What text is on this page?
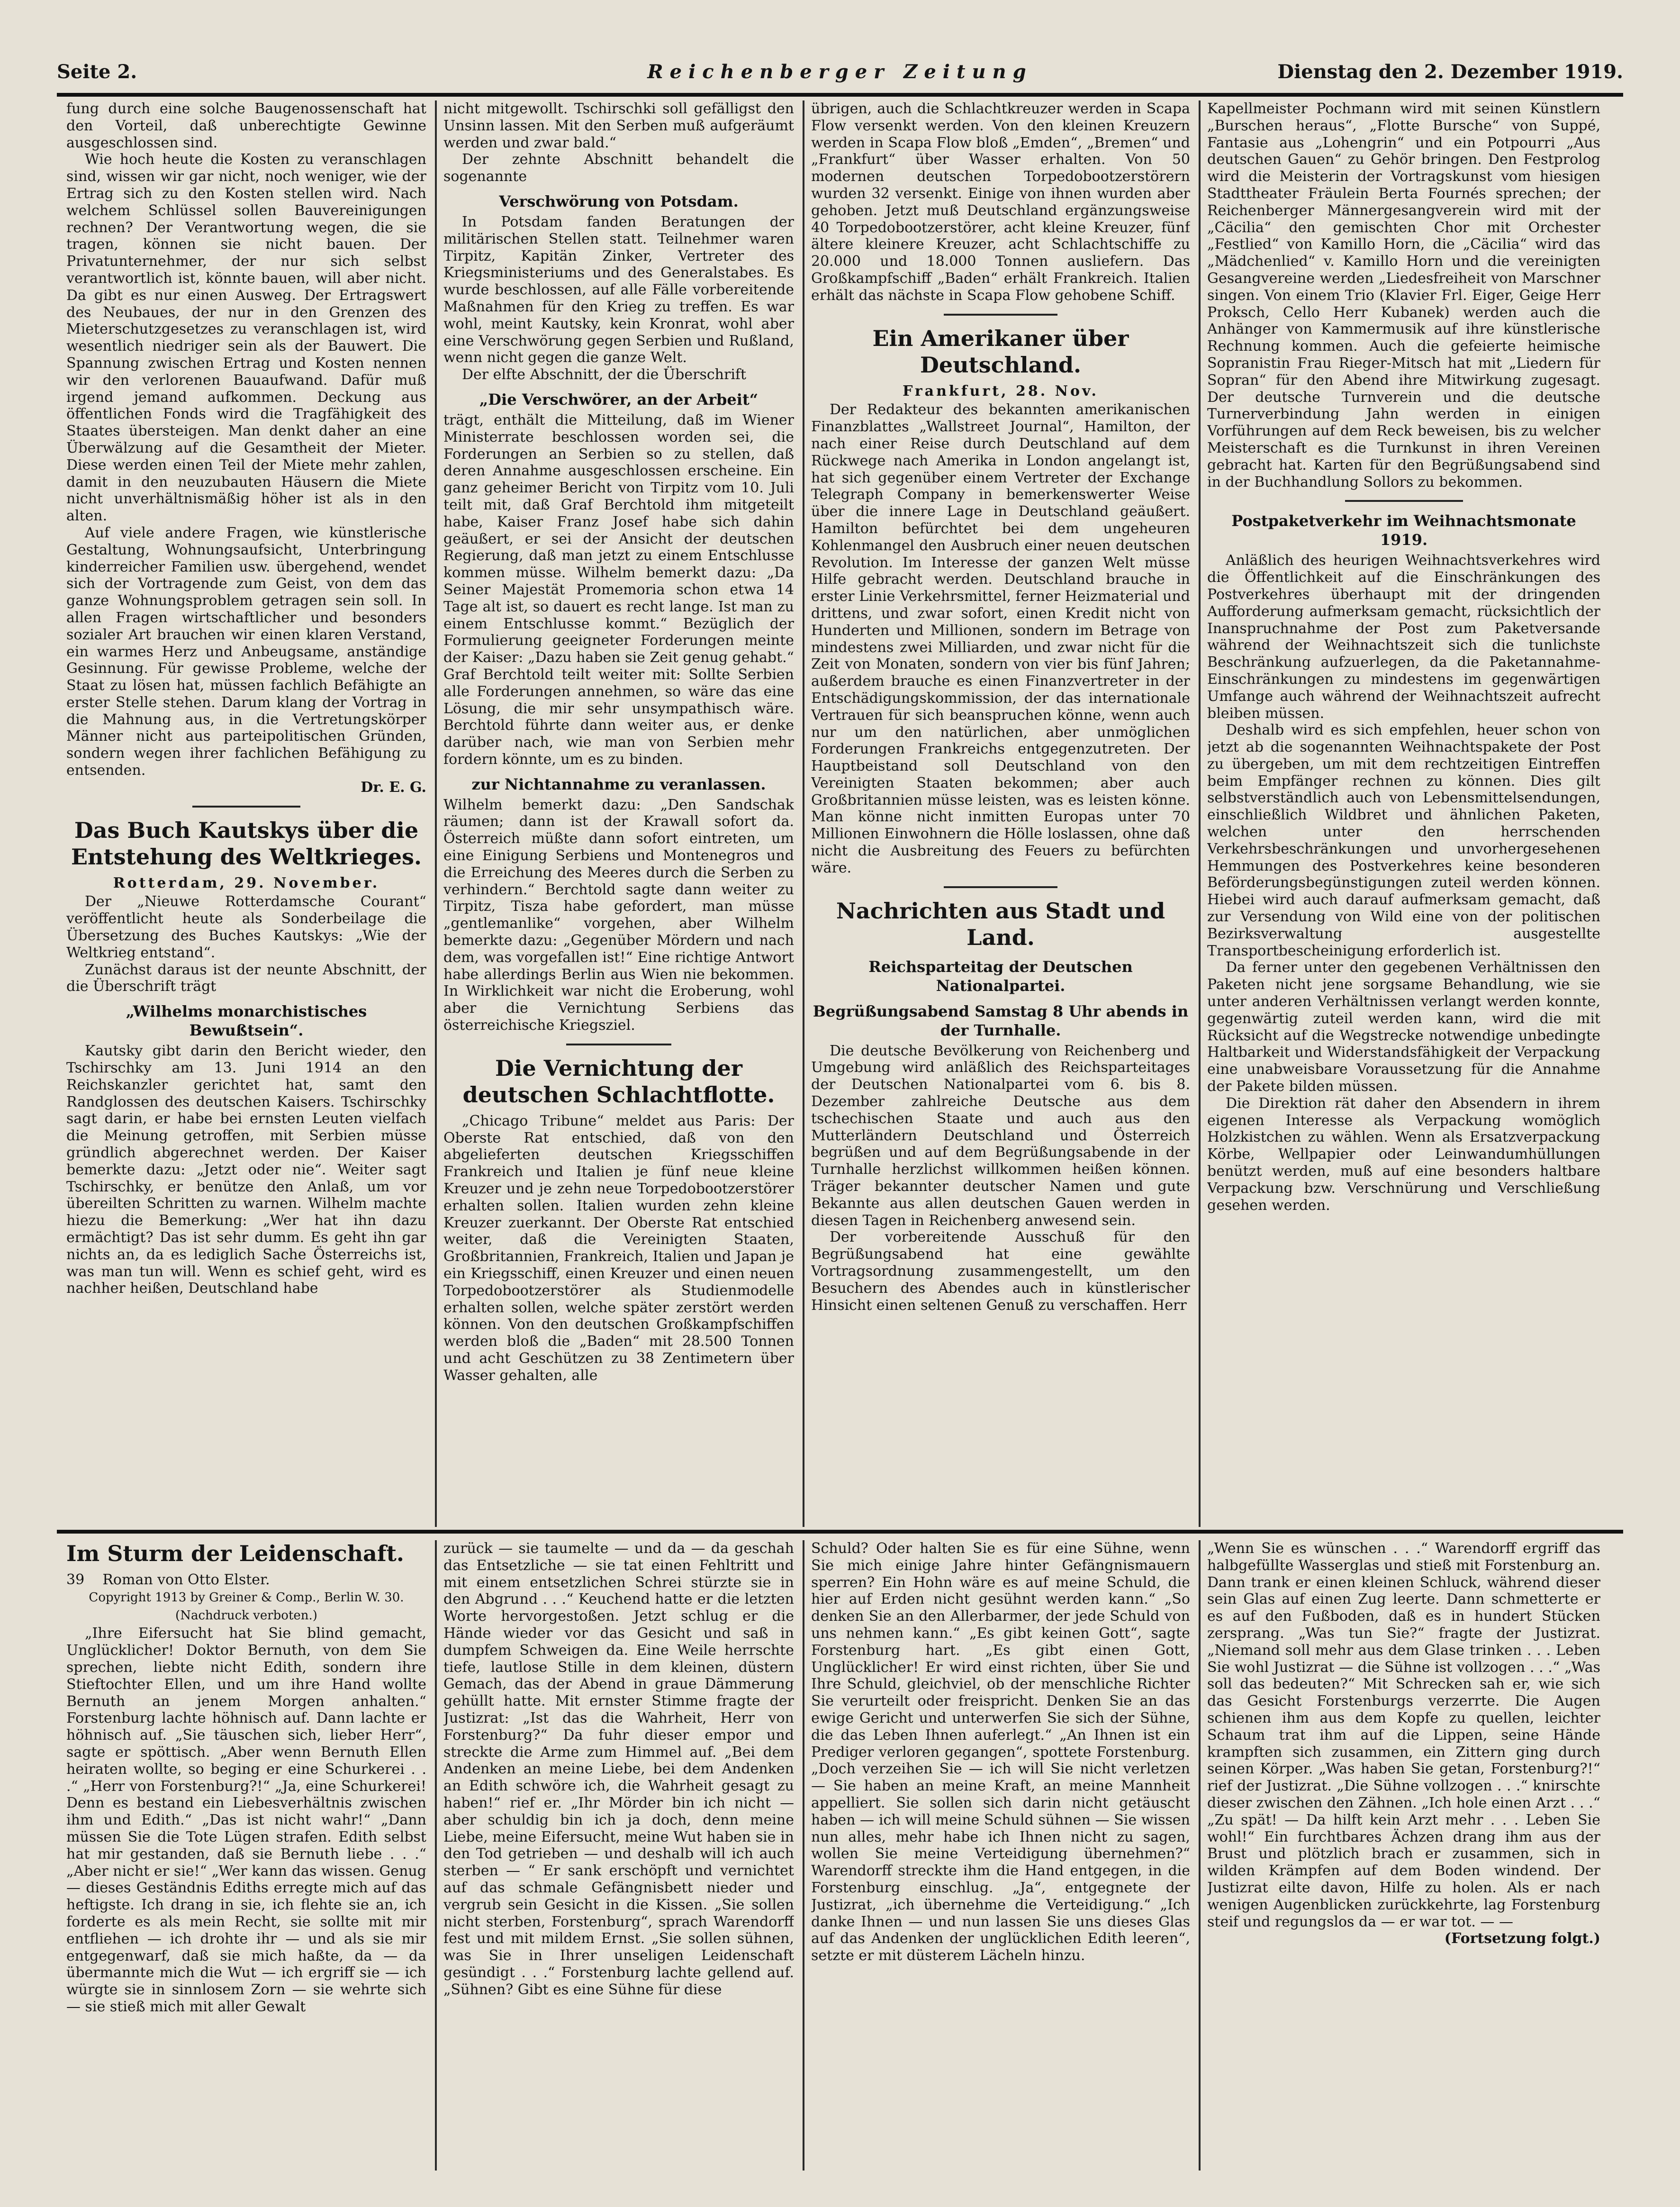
Seite 2.	Reichenberger Zeitung	Dienstag den 2. Dezember 1919.

fung durch eine solche Baugenossenschaft hat den Vorteil, daß unberechtigte Gewinne ausgeschlossen sind.

Wie hoch heute die Kosten zu veranschlagen sind, wissen wir gar nicht, noch weniger, wie der Ertrag sich zu den Kosten stellen wird. Nach welchem Schlüssel sollen Bauvereinigungen rechnen? Der Verantwortung wegen, die sie tragen, können sie nicht bauen. Der Privatunternehmer, der nur sich selbst verantwortlich ist, könnte bauen, will aber nicht. Da gibt es nur einen Ausweg. Der Ertragswert des Neubaues, der nur in den Grenzen des Mieterschutzgesetzes zu veranschlagen ist, wird wesentlich niedriger sein als der Bauwert. Die Spannung zwischen Ertrag und Kosten nennen wir den verlorenen Bauaufwand. Dafür muß irgend jemand aufkommen. Deckung aus öffentlichen Fonds wird die Tragfähigkeit des Staates übersteigen. Man denkt daher an eine Überwälzung auf die Gesamtheit der Mieter. Diese werden einen Teil der Miete mehr zahlen, damit in den neuzubauten Häusern die Miete nicht unverhältnismäßig höher ist als in den alten.

Auf viele andere Fragen, wie künstlerische Gestaltung, Wohnungsaufsicht, Unterbringung kinderreicher Familien usw. übergehend, wendet sich der Vortragende zum Geist, von dem das ganze Wohnungsproblem getragen sein soll. In allen Fragen wirtschaftlicher und besonders sozialer Art brauchen wir einen klaren Verstand, ein warmes Herz und Anbeugsame, anständige Gesinnung. Für gewisse Probleme, welche der Staat zu lösen hat, müssen fachlich Befähigte an erster Stelle stehen. Darum klang der Vortrag in die Mahnung aus, in die Vertretungskörper Männer nicht aus parteipolitischen Gründen, sondern wegen ihrer fachlichen Befähigung zu entsenden.

Dr. E. G.
Das Buch Kautskys über die Entstehung des Weltkrieges.
Rotterdam, 29. November.

Der „Nieuwe Rotterdamsche Courant“ veröffentlicht heute als Sonderbeilage die Übersetzung des Buches Kautskys: „Wie der Weltkrieg entstand“.

Zunächst daraus ist der neunte Abschnitt, der die Überschrift trägt

„Wilhelms monarchistisches Bewußtsein“.

Kautsky gibt darin den Bericht wieder, den Tschirschky am 13. Juni 1914 an den Reichskanzler gerichtet hat, samt den Randglossen des deutschen Kaisers. Tschirschky sagt darin, er habe bei ernsten Leuten vielfach die Meinung getroffen, mit Serbien müsse gründlich abgerechnet werden. Der Kaiser bemerkte dazu: „Jetzt oder nie“. Weiter sagt Tschirschky, er benütze den Anlaß, um vor übereilten Schritten zu warnen. Wilhelm machte hiezu die Bemerkung: „Wer hat ihn dazu ermächtigt? Das ist sehr dumm. Es geht ihn gar nichts an, da es lediglich Sache Österreichs ist, was man tun will. Wenn es schief geht, wird es nachher heißen, Deutschland habe

nicht mitgewollt. Tschirschki soll gefälligst den Unsinn lassen. Mit den Serben muß aufgeräumt werden und zwar bald.“

Der zehnte Abschnitt behandelt die sogenannte

Verschwörung von Potsdam.

In Potsdam fanden Beratungen der militärischen Stellen statt. Teilnehmer waren Tirpitz, Kapitän Zinker, Vertreter des Kriegsministeriums und des Generalstabes. Es wurde beschlossen, auf alle Fälle vorbereitende Maßnahmen für den Krieg zu treffen. Es war wohl, meint Kautsky, kein Kronrat, wohl aber eine Verschwörung gegen Serbien und Rußland, wenn nicht gegen die ganze Welt.

Der elfte Abschnitt, der die Überschrift

„Die Verschwörer, an der Arbeit“

trägt, enthält die Mitteilung, daß im Wiener Ministerrate beschlossen worden sei, die Forderungen an Serbien so zu stellen, daß deren Annahme ausgeschlossen erscheine. Ein ganz geheimer Bericht von Tirpitz vom 10. Juli teilt mit, daß Graf Berchtold ihm mitgeteilt habe, Kaiser Franz Josef habe sich dahin geäußert, er sei der Ansicht der deutschen Regierung, daß man jetzt zu einem Entschlusse kommen müsse. Wilhelm bemerkt dazu: „Da Seiner Majestät Promemoria schon etwa 14 Tage alt ist, so dauert es recht lange. Ist man zu einem Entschlusse kommt.“ Bezüglich der Formulierung geeigneter Forderungen meinte der Kaiser: „Dazu haben sie Zeit genug gehabt.“ Graf Berchtold teilt weiter mit: Sollte Serbien alle Forderungen annehmen, so wäre das eine Lösung, die mir sehr unsympathisch wäre. Berchtold führte dann weiter aus, er denke darüber nach, wie man von Serbien mehr fordern könnte, um es zu binden.

zur Nichtannahme zu veranlassen.

Wilhelm bemerkt dazu: „Den Sandschak räumen; dann ist der Krawall sofort da. Österreich müßte dann sofort eintreten, um eine Einigung Serbiens und Montenegros und die Erreichung des Meeres durch die Serben zu verhindern.“ Berchtold sagte dann weiter zu Tirpitz, Tisza habe gefordert, man müsse „gentlemanlike“ vorgehen, aber Wilhelm bemerkte dazu: „Gegenüber Mördern und nach dem, was vorgefallen ist!“ Eine richtige Antwort habe allerdings Berlin aus Wien nie bekommen. In Wirklichkeit war nicht die Eroberung, wohl aber die Vernichtung Serbiens das österreichische Kriegsziel.

Die Vernichtung der deutschen Schlachtflotte.

„Chicago Tribune“ meldet aus Paris: Der Oberste Rat entschied, daß von den abgelieferten deutschen Kriegsschiffen Frankreich und Italien je fünf neue kleine Kreuzer und je zehn neue Torpedobootzerstörer erhalten sollen. Italien wurden zehn kleine Kreuzer zuerkannt. Der Oberste Rat entschied weiter, daß die Vereinigten Staaten, Großbritannien, Frankreich, Italien und Japan je ein Kriegsschiff, einen Kreuzer und einen neuen Torpedobootzerstörer als Studienmodelle erhalten sollen, welche später zerstört werden können. Von den deutschen Großkampfschiffen werden bloß die „Baden“ mit 28.500 Tonnen und acht Geschützen zu 38 Zentimetern über Wasser gehalten, alle

übrigen, auch die Schlachtkreuzer werden in Scapa Flow versenkt werden. Von den kleinen Kreuzern werden in Scapa Flow bloß „Emden“, „Bremen“ und „Frankfurt“ über Wasser erhalten. Von 50 modernen deutschen Torpedobootzerstörern wurden 32 versenkt. Einige von ihnen wurden aber gehoben. Jetzt muß Deutschland ergänzungsweise 40 Torpedobootzerstörer, acht kleine Kreuzer, fünf ältere kleinere Kreuzer, acht Schlachtschiffe zu 20.000 und 18.000 Tonnen ausliefern. Das Großkampfschiff „Baden“ erhält Frankreich. Italien erhält das nächste in Scapa Flow gehobene Schiff.

Ein Amerikaner über Deutschland.
Frankfurt, 28. Nov.

Der Redakteur des bekannten amerikanischen Finanzblattes „Wallstreet Journal“, Hamilton, der nach einer Reise durch Deutschland auf dem Rückwege nach Amerika in London angelangt ist, hat sich gegenüber einem Vertreter der Exchange Telegraph Company in bemerkenswerter Weise über die innere Lage in Deutschland geäußert. Hamilton befürchtet bei dem ungeheuren Kohlenmangel den Ausbruch einer neuen deutschen Revolution. Im Interesse der ganzen Welt müsse Hilfe gebracht werden. Deutschland brauche in erster Linie Verkehrsmittel, ferner Heizmaterial und drittens, und zwar sofort, einen Kredit nicht von Hunderten und Millionen, sondern im Betrage von mindestens zwei Milliarden, und zwar nicht für die Zeit von Monaten, sondern von vier bis fünf Jahren; außerdem brauche es einen Finanzvertreter in der Entschädigungskommission, der das internationale Vertrauen für sich beanspruchen könne, wenn auch nur um den natürlichen, aber unmöglichen Forderungen Frankreichs entgegenzutreten. Der Hauptbeistand soll Deutschland von den Vereinigten Staaten bekommen; aber auch Großbritannien müsse leisten, was es leisten könne. Man könne nicht inmitten Europas unter 70 Millionen Einwohnern die Hölle loslassen, ohne daß nicht die Ausbreitung des Feuers zu befürchten wäre.

Nachrichten aus Stadt und Land.
Reichsparteitag der Deutschen Nationalpartei.
Begrüßungsabend Samstag 8 Uhr abends in der Turnhalle.

Die deutsche Bevölkerung von Reichenberg und Umgebung wird anläßlich des Reichsparteitages der Deutschen Nationalpartei vom 6. bis 8. Dezember zahlreiche Deutsche aus dem tschechischen Staate und auch aus den Mutterländern Deutschland und Österreich begrüßen und auf dem Begrüßungsabende in der Turnhalle herzlichst willkommen heißen können. Träger bekannter deutscher Namen und gute Bekannte aus allen deutschen Gauen werden in diesen Tagen in Reichenberg anwesend sein.

Der vorbereitende Ausschuß für den Begrüßungsabend hat eine gewählte Vortragsordnung zusammengestellt, um den Besuchern des Abendes auch in künstlerischer Hinsicht einen seltenen Genuß zu verschaffen. Herr

Kapellmeister Pochmann wird mit seinen Künstlern „Burschen heraus“, „Flotte Bursche“ von Suppé, Fantasie aus „Lohengrin“ und ein Potpourri „Aus deutschen Gauen“ zu Gehör bringen. Den Festprolog wird die Meisterin der Vortragskunst vom hiesigen Stadttheater Fräulein Berta Fournés sprechen; der Reichenberger Männergesangverein wird mit der „Cäcilia“ den gemischten Chor mit Orchester „Festlied“ von Kamillo Horn, die „Cäcilia“ wird das „Mädchenlied“ v. Kamillo Horn und die vereinigten Gesangvereine werden „Liedesfreiheit von Marschner singen. Von einem Trio (Klavier Frl. Eiger, Geige Herr Proksch, Cello Herr Kubanek) werden auch die Anhänger von Kammermusik auf ihre künstlerische Rechnung kommen. Auch die gefeierte heimische Sopranistin Frau Rieger-Mitsch hat mit „Liedern für Sopran“ für den Abend ihre Mitwirkung zugesagt. Der deutsche Turnverein und die deutsche Turnerverbindung Jahn werden in einigen Vorführungen auf dem Reck beweisen, bis zu welcher Meisterschaft es die Turnkunst in ihren Vereinen gebracht hat. Karten für den Begrüßungsabend sind in der Buchhandlung Sollors zu bekommen.

Postpaketverkehr im Weihnachtsmonate 1919.

Anläßlich des heurigen Weihnachtsverkehres wird die Öffentlichkeit auf die Einschränkungen des Postverkehres überhaupt mit der dringenden Aufforderung aufmerksam gemacht, rücksichtlich der Inanspruchnahme der Post zum Paketversande während der Weihnachtszeit sich die tunlichste Beschränkung aufzuerlegen, da die Paketannahme-Einschränkungen zu mindestens im gegenwärtigen Umfange auch während der Weihnachtszeit aufrecht bleiben müssen.

Deshalb wird es sich empfehlen, heuer schon von jetzt ab die sogenannten Weihnachtspakete der Post zu übergeben, um mit dem rechtzeitigen Eintreffen beim Empfänger rechnen zu können. Dies gilt selbstverständlich auch von Lebensmittelsendungen, einschließlich Wildbret und ähnlichen Paketen, welchen unter den herrschenden Verkehrsbeschränkungen und unvorhergesehenen Hemmungen des Postverkehres keine besonderen Beförderungsbegünstigungen zuteil werden können. Hiebei wird auch darauf aufmerksam gemacht, daß zur Versendung von Wild eine von der politischen Bezirksverwaltung ausgestellte Transportbescheinigung erforderlich ist.

Da ferner unter den gegebenen Verhältnissen den Paketen nicht jene sorgsame Behandlung, wie sie unter anderen Verhältnissen verlangt werden konnte, gegenwärtig zuteil werden kann, wird die mit Rücksicht auf die Wegstrecke notwendige unbedingte Haltbarkeit und Widerstandsfähigkeit der Verpackung eine unabweisbare Voraussetzung für die Annahme der Pakete bilden müssen.

Die Direktion rät daher den Absendern in ihrem eigenen Interesse als Verpackung womöglich Holzkistchen zu wählen. Wenn als Ersatzverpackung Körbe, Wellpapier oder Leinwandumhüllungen benützt werden, muß auf eine besonders haltbare Verpackung bzw. Verschnürung und Verschließung gesehen werden.

Im Sturm der Leidenschaft.

39 Roman von Otto Elster.

Copyright 1913 by Greiner & Comp., Berlin W. 30.
(Nachdruck verboten.)

„Ihre Eifersucht hat Sie blind gemacht, Unglücklicher! Doktor Bernuth, von dem Sie sprechen, liebte nicht Edith, sondern ihre Stieftochter Ellen, und um ihre Hand wollte Bernuth an jenem Morgen anhalten.“ Forstenburg lachte höhnisch auf. Dann lachte er höhnisch auf. „Sie täuschen sich, lieber Herr“, sagte er spöttisch. „Aber wenn Bernuth Ellen heiraten wollte, so beging er eine Schurkerei . . .“ „Herr von Forstenburg?!“ „Ja, eine Schurkerei! Denn es bestand ein Liebesverhältnis zwischen ihm und Edith.“ „Das ist nicht wahr!“ „Dann müssen Sie die Tote Lügen strafen. Edith selbst hat mir gestanden, daß sie Bernuth liebe . . .“ „Aber nicht er sie!“ „Wer kann das wissen. Genug — dieses Geständnis Ediths erregte mich auf das heftigste. Ich drang in sie, ich flehte sie an, ich forderte es als mein Recht, sie sollte mit mir entfliehen — ich drohte ihr — und als sie mir entgegenwarf, daß sie mich haßte, da — da übermannte mich die Wut — ich ergriff sie — ich würgte sie in sinnlosem Zorn — sie wehrte sich — sie stieß mich mit aller Gewalt

zurück — sie taumelte — und da — da geschah das Entsetzliche — sie tat einen Fehltritt und mit einem entsetzlichen Schrei stürzte sie in den Abgrund . . .“ Keuchend hatte er die letzten Worte hervorgestoßen. Jetzt schlug er die Hände wieder vor das Gesicht und saß in dumpfem Schweigen da. Eine Weile herrschte tiefe, lautlose Stille in dem kleinen, düstern Gemach, das der Abend in graue Dämmerung gehüllt hatte. Mit ernster Stimme fragte der Justizrat: „Ist das die Wahrheit, Herr von Forstenburg?“ Da fuhr dieser empor und streckte die Arme zum Himmel auf. „Bei dem Andenken an meine Liebe, bei dem Andenken an Edith schwöre ich, die Wahrheit gesagt zu haben!“ rief er. „Ihr Mörder bin ich nicht — aber schuldig bin ich ja doch, denn meine Liebe, meine Eifersucht, meine Wut haben sie in den Tod getrieben — und deshalb will ich auch sterben — “ Er sank erschöpft und vernichtet auf das schmale Gefängnisbett nieder und vergrub sein Gesicht in die Kissen. „Sie sollen nicht sterben, Forstenburg“, sprach Warendorff fest und mit mildem Ernst. „Sie sollen sühnen, was Sie in Ihrer unseligen Leidenschaft gesündigt . . .“ Forstenburg lachte gellend auf. „Sühnen? Gibt es eine Sühne für diese

Schuld? Oder halten Sie es für eine Sühne, wenn Sie mich einige Jahre hinter Gefängnismauern sperren? Ein Hohn wäre es auf meine Schuld, die hier auf Erden nicht gesühnt werden kann.“ „So denken Sie an den Allerbarmer, der jede Schuld von uns nehmen kann.“ „Es gibt keinen Gott“, sagte Forstenburg hart. „Es gibt einen Gott, Unglücklicher! Er wird einst richten, über Sie und Ihre Schuld, gleichviel, ob der menschliche Richter Sie verurteilt oder freispricht. Denken Sie an das ewige Gericht und unterwerfen Sie sich der Sühne, die das Leben Ihnen auferlegt.“ „An Ihnen ist ein Prediger verloren gegangen“, spottete Forstenburg. „Doch verzeihen Sie — ich will Sie nicht verletzen — Sie haben an meine Kraft, an meine Mannheit appelliert. Sie sollen sich darin nicht getäuscht haben — ich will meine Schuld sühnen — Sie wissen nun alles, mehr habe ich Ihnen nicht zu sagen, wollen Sie meine Verteidigung übernehmen?“ Warendorff streckte ihm die Hand entgegen, in die Forstenburg einschlug. „Ja“, entgegnete der Justizrat, „ich übernehme die Verteidigung.“ „Ich danke Ihnen — und nun lassen Sie uns dieses Glas auf das Andenken der unglücklichen Edith leeren“, setzte er mit düsterem Lächeln hinzu.

„Wenn Sie es wünschen . . .“ Warendorff ergriff das halbgefüllte Wasserglas und stieß mit Forstenburg an. Dann trank er einen kleinen Schluck, während dieser sein Glas auf einen Zug leerte. Dann schmetterte er es auf den Fußboden, daß es in hundert Stücken zersprang. „Was tun Sie?“ fragte der Justizrat. „Niemand soll mehr aus dem Glase trinken . . . Leben Sie wohl Justizrat — die Sühne ist vollzogen . . .“ „Was soll das bedeuten?“ Mit Schrecken sah er, wie sich das Gesicht Forstenburgs verzerrte. Die Augen schienen ihm aus dem Kopfe zu quellen, leichter Schaum trat ihm auf die Lippen, seine Hände krampften sich zusammen, ein Zittern ging durch seinen Körper. „Was haben Sie getan, Forstenburg?!“ rief der Justizrat. „Die Sühne vollzogen . . .“ knirschte dieser zwischen den Zähnen. „Ich hole einen Arzt . . .“ „Zu spät! — Da hilft kein Arzt mehr . . . Leben Sie wohl!“ Ein furchtbares Ächzen drang ihm aus der Brust und plötzlich brach er zusammen, sich in wilden Krämpfen auf dem Boden windend. Der Justizrat eilte davon, Hilfe zu holen. Als er nach wenigen Augenblicken zurückkehrte, lag Forstenburg steif und regungslos da — er war tot. — —

(Fortsetzung folgt.)
